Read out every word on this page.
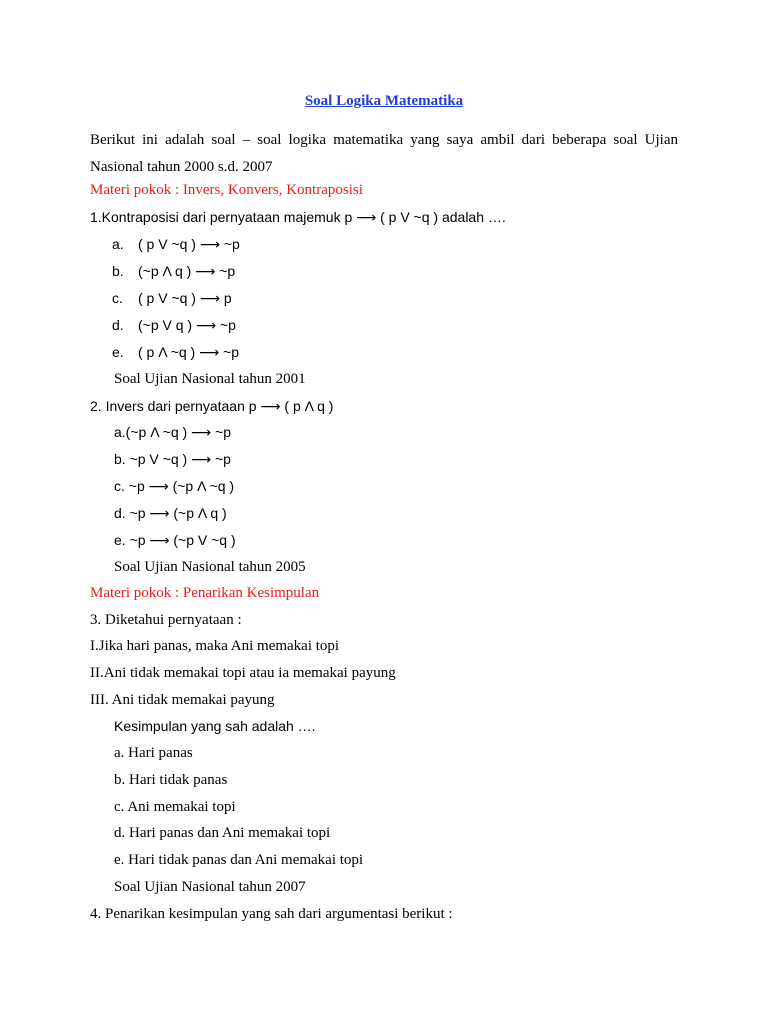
Soal Logika Matematika
Berikut ini adalah soal – soal logika matematika yang saya ambil dari beberapa soal Ujian Nasional tahun 2000 s.d. 2007
Materi pokok : Invers, Konvers, Kontraposisi
1.Kontraposisi dari pernyataan majemuk p ⟶ ( p V ~q ) adalah ….
a. ( p V ~q ) ⟶ ~p
b. (~p Λ q ) ⟶ ~p
c. ( p V ~q ) ⟶ p
d. (~p V q ) ⟶ ~p
e. ( p Λ ~q ) ⟶ ~p
Soal Ujian Nasional tahun 2001
2. Invers dari pernyataan p ⟶ ( p Λ q )
a.(~p Λ ~q ) ⟶ ~p
b. ~p V ~q ) ⟶ ~p
c. ~p ⟶ (~p Λ ~q )
d. ~p ⟶ (~p Λ q )
e. ~p ⟶ (~p V ~q )
Soal Ujian Nasional tahun 2005
Materi pokok : Penarikan Kesimpulan
3. Diketahui pernyataan :
I.Jika hari panas, maka Ani memakai topi
II.Ani tidak memakai topi atau ia memakai payung
III. Ani tidak memakai payung
Kesimpulan yang sah adalah ….
a. Hari panas
b. Hari tidak panas
c. Ani memakai topi
d. Hari panas dan Ani memakai topi
e. Hari tidak panas dan Ani memakai topi
Soal Ujian Nasional tahun 2007
4. Penarikan kesimpulan yang sah dari argumentasi berikut :
